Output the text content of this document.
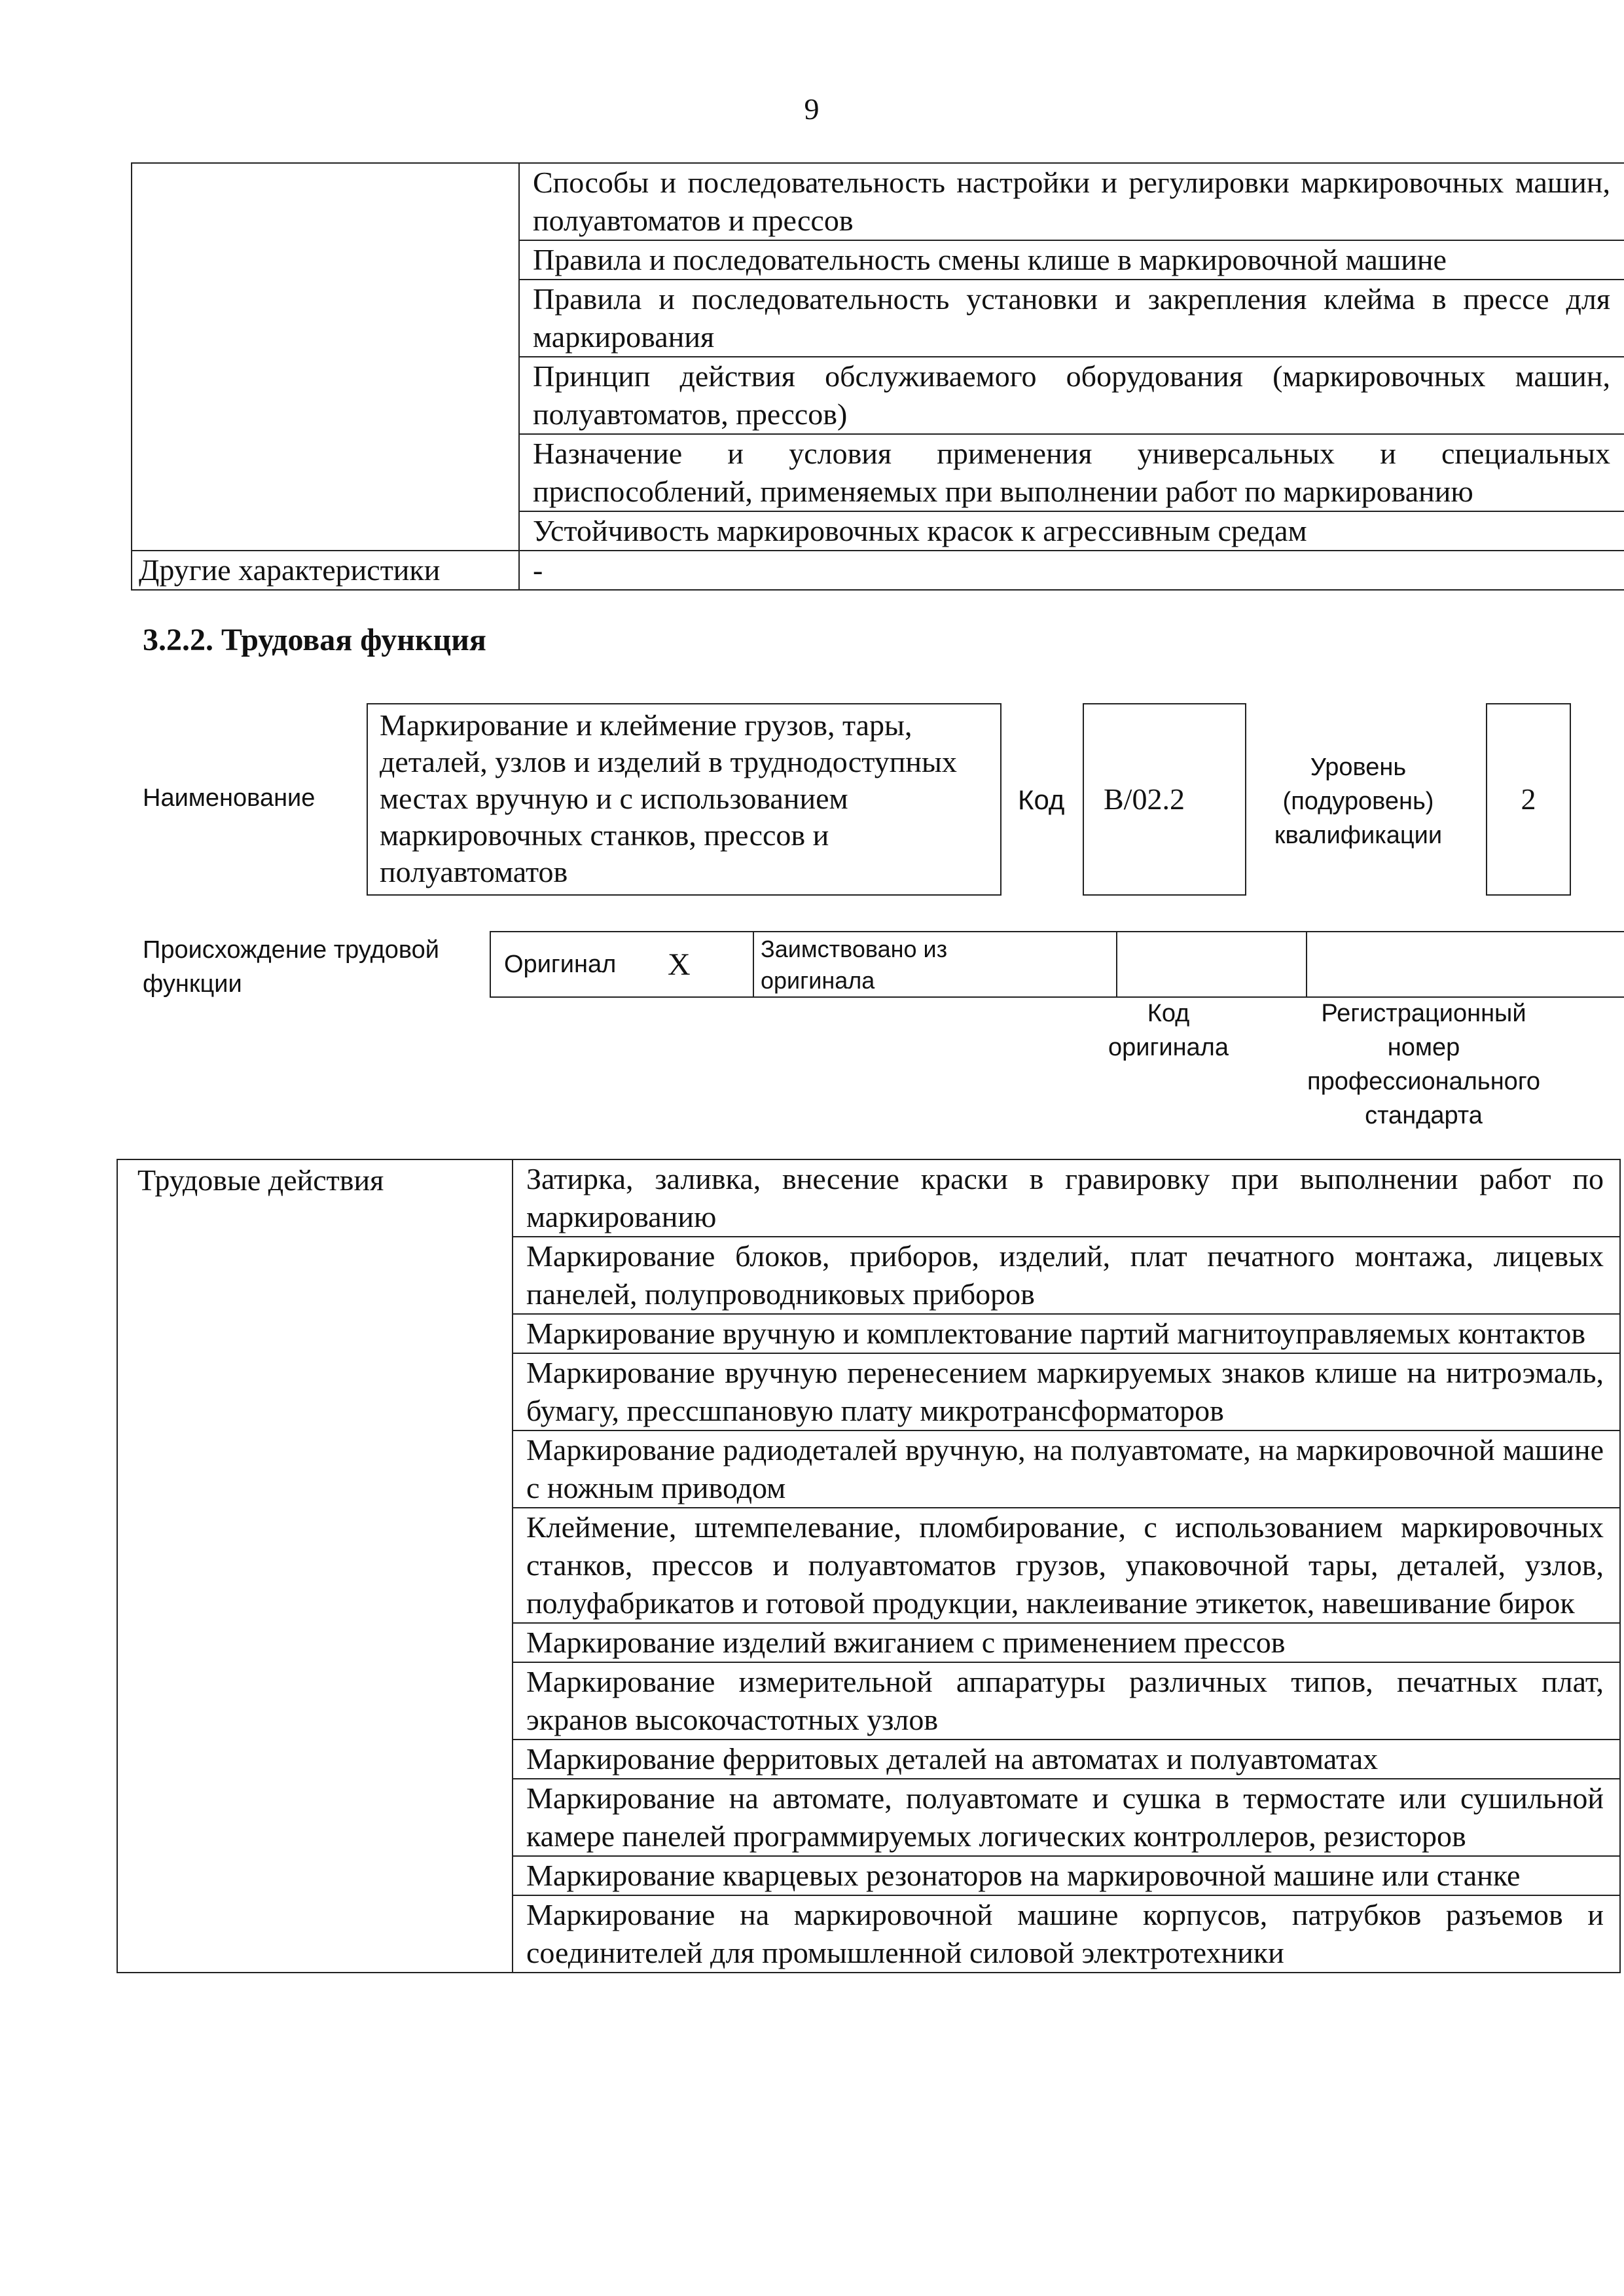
9
	Способы и последовательность настройки и регулировки маркировочных машин, полуавтоматов и прессов
	Правила и последовательность смены клише в маркировочной машине
	Правила и последовательность установки и закрепления клейма в прессе для маркирования
	Принцип действия обслуживаемого оборудования (маркировочных машин, полуавтоматов, прессов)
	Назначение и условия применения универсальных и специальных приспособлений, применяемых при выполнении работ по маркированию
	Устойчивость маркировочных красок к агрессивным средам
Другие характеристики	-
3.2.2. Трудовая функция
Наименование
Маркирование и клеймение грузов, тары, деталей, узлов и изделий в труднодоступных местах вручную и с использованием маркировочных станков, прессов и полуавтоматов
Код	B/02.2
Уровень
(подуровень)
квалификации
2
Происхождение трудовой
функции
Оригинал	X	Заимствовано из
оригинала

Код
оригинала
Регистрационный
номер
профессионального
стандарта
Трудовые действия	Затирка, заливка, внесение краски в гравировку при выполнении работ по маркированию
Маркирование блоков, приборов, изделий, плат печатного монтажа, лицевых панелей, полупроводниковых приборов
Маркирование вручную и комплектование партий магнитоуправляемых контактов
Маркирование вручную перенесением маркируемых знаков клише на нитроэмаль, бумагу, прессшпановую плату микротрансформаторов
Маркирование радиодеталей вручную, на полуавтомате, на маркировочной машине с ножным приводом
Клеймение, штемпелевание, пломбирование, с использованием маркировочных станков, прессов и полуавтоматов грузов, упаковочной тары, деталей, узлов, полуфабрикатов и готовой продукции, наклеивание этикеток, навешивание бирок
Маркирование изделий вжиганием с применением прессов
Маркирование измерительной аппаратуры различных типов, печатных плат, экранов высокочастотных узлов
Маркирование ферритовых деталей на автоматах и полуавтоматах
Маркирование на автомате, полуавтомате и сушка в термостате или сушильной камере панелей программируемых логических контроллеров, резисторов
Маркирование кварцевых резонаторов на маркировочной машине или станке
Маркирование на маркировочной машине корпусов, патрубков разъемов и соединителей для промышленной силовой электротехники
